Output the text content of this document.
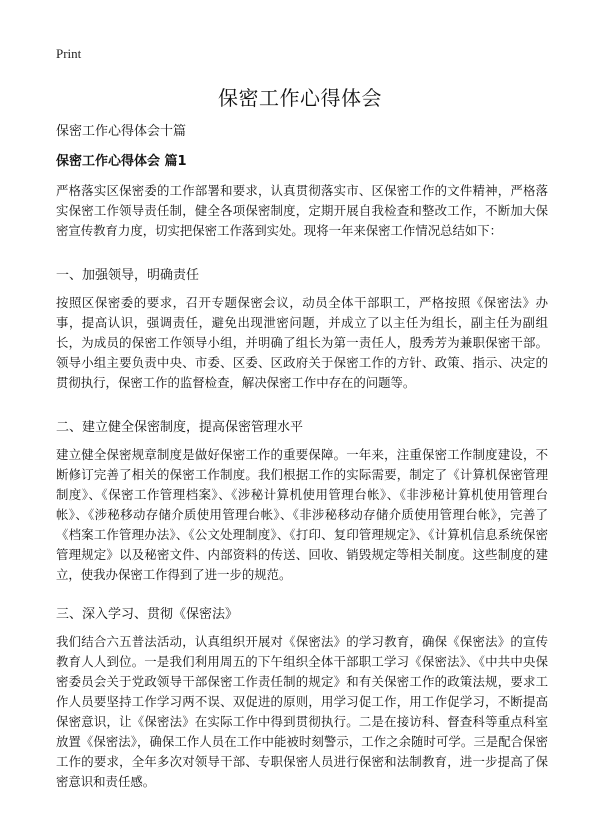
Print
保密工作心得体会
保密工作心得体会十篇
保密工作心得体会 篇1

严格落实区保密委的工作部署和要求，认真贯彻落实市、区保密工作的文件精神，严格落实保密工作领导责任制，健全各项保密制度，定期开展自我检查和整改工作，不断加大保密宣传教育力度，切实把保密工作落到实处。现将一年来保密工作情况总结如下：

一、加强领导，明确责任

按照区保密委的要求，召开专题保密会议，动员全体干部职工，严格按照《保密法》办事，提高认识，强调责任，避免出现泄密问题，并成立了以主任为组长，副主任为副组长，为成员的保密工作领导小组，并明确了组长为第一责任人，殷秀芳为兼职保密干部。领导小组主要负责中央、市委、区委、区政府关于保密工作的方针、政策、指示、决定的贯彻执行，保密工作的监督检查，解决保密工作中存在的问题等。

二、建立健全保密制度，提高保密管理水平

建立健全保密规章制度是做好保密工作的重要保障。一年来，注重保密工作制度建设，不断修订完善了相关的保密工作制度。我们根据工作的实际需要，制定了《计算机保密管理制度》、《保密工作管理档案》、《涉秘计算机使用管理台帐》、《非涉秘计算机使用管理台帐》、《涉秘移动存储介质使用管理台帐》、《非涉秘移动存储介质使用管理台帐》，完善了《档案工作管理办法》、《公文处理制度》、《打印、复印管理规定》、《计算机信息系统保密管理规定》以及秘密文件、内部资料的传送、回收、销毁规定等相关制度。这些制度的建立，使我办保密工作得到了进一步的规范。

三、深入学习、贯彻《保密法》

我们结合六五普法活动，认真组织开展对《保密法》的学习教育，确保《保密法》的宣传教育人人到位。一是我们利用周五的下午组织全体干部职工学习《保密法》、《中共中央保密委员会关于党政领导干部保密工作责任制的规定》和有关保密工作的政策法规，要求工作人员要坚持工作学习两不误、双促进的原则，用学习促工作，用工作促学习，不断提高保密意识，让《保密法》在实际工作中得到贯彻执行。二是在接访科、督查科等重点科室放置《保密法》，确保工作人员在工作中能被时刻警示，工作之余随时可学。三是配合保密工作的要求，全年多次对领导干部、专职保密人员进行保密和法制教育，进一步提高了保密意识和责任感。
